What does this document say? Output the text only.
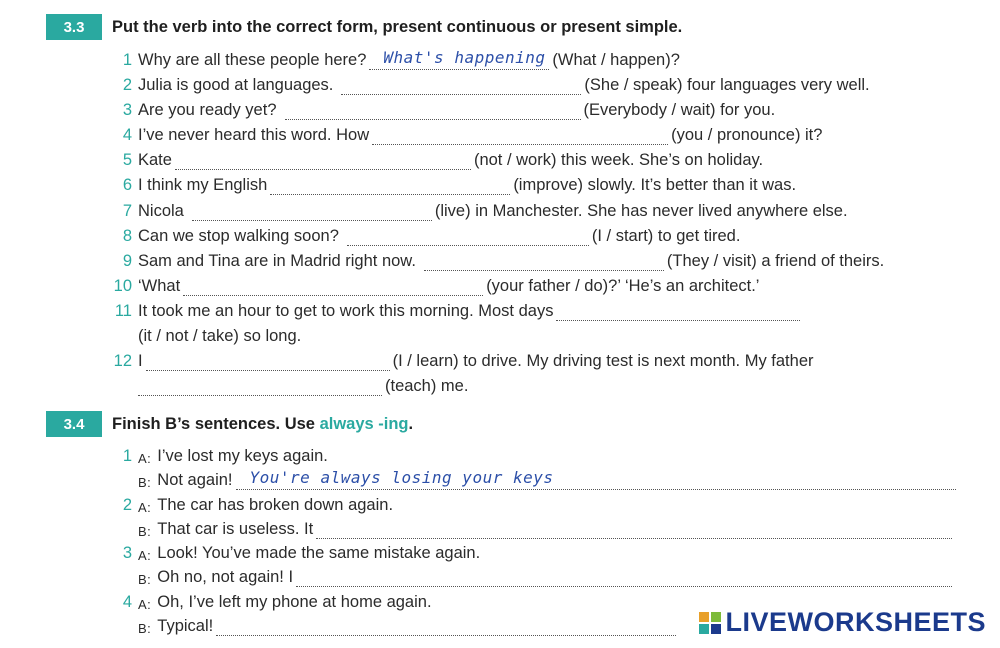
3.3	Put the verb into the correct form, present continuous or present simple.
1 Why are all these people here? What's happening (What / happen)?
2 Julia is good at languages.	(She / speak) four languages very well.
3 Are you ready yet?	(Everybody / wait) for you.
4 I’ve never heard this word. How	(you / pronounce) it?
5 Kate	(not / work) this week. She’s on holiday.
6 I think my English	(improve) slowly. It’s better than it was.
7 Nicola	(live) in Manchester. She has never lived anywhere else.
8 Can we stop walking soon?	(I / start) to get tired.
9 Sam and Tina are in Madrid right now.	(They / visit) a friend of theirs.
10 ‘What	(your father / do)?’ ‘He’s an architect.’
11 It took me an hour to get to work this morning. Most days
(it / not / take) so long.
12 I	(I / learn) to drive. My driving test is next month. My father
(teach) me.
3.4	Finish B’s sentences. Use always -ing.
1 A: I’ve lost my keys again.
B: Not again! You're always losing your keys
2 A: The car has broken down again.
B: That car is useless. It
3 A: Look! You’ve made the same mistake again.
B: Oh no, not again! I
4 A: Oh, I’ve left my phone at home again.
B: Typical!	LIVEWORKSHEETS
